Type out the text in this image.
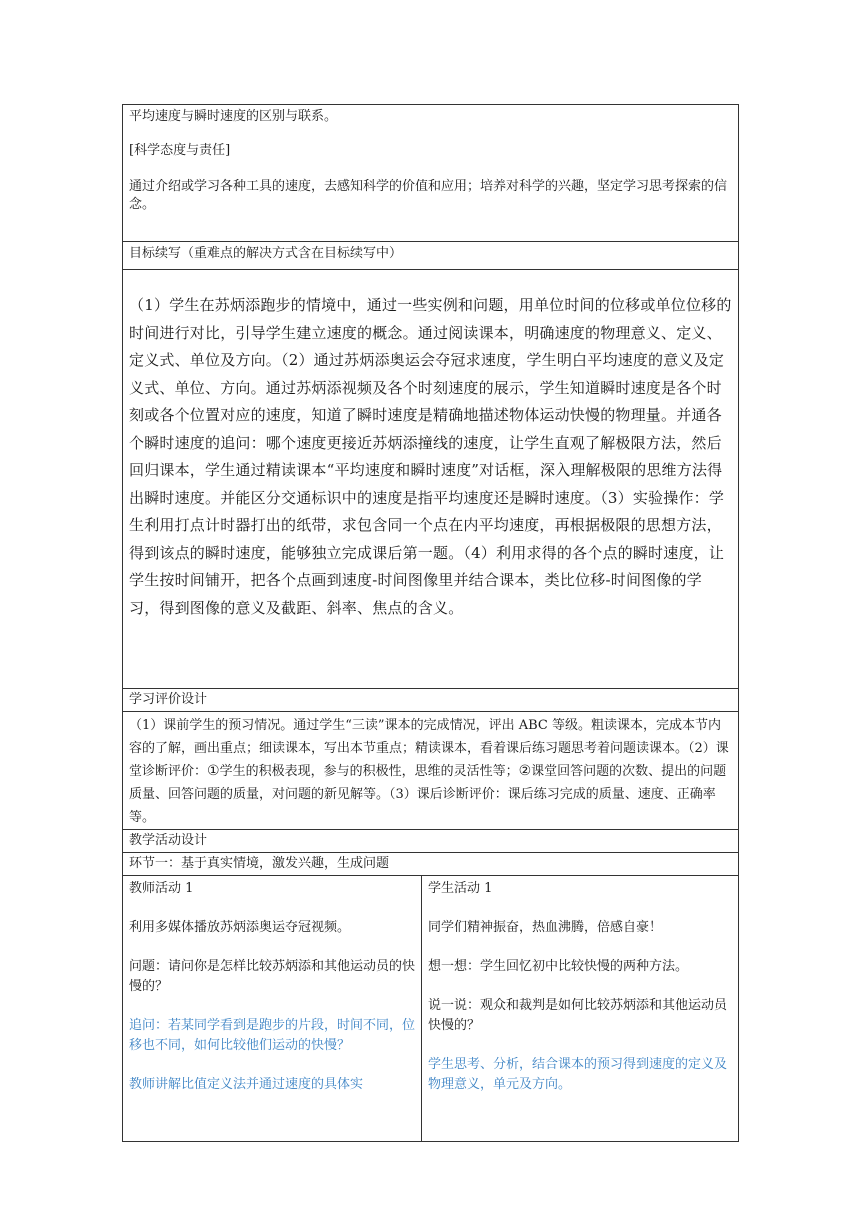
平均速度与瞬时速度的区别与联系。

[科学态度与责任]

通过介绍或学习各种工具的速度，去感知科学的价值和应用；培养对科学的兴趣，坚定学习思考探索的信念。

目标续写（重难点的解决方式含在目标续写中）

（1）学生在苏炳添跑步的情境中，通过一些实例和问题，用单位时间的位移或单位位移的时间进行对比，引导学生建立速度的概念。通过阅读课本，明确速度的物理意义、定义、定义式、单位及方向。（2）通过苏炳添奥运会夺冠求速度，学生明白平均速度的意义及定义式、单位、方向。通过苏炳添视频及各个时刻速度的展示，学生知道瞬时速度是各个时刻或各个位置对应的速度，知道了瞬时速度是精确地描述物体运动快慢的物理量。并通各个瞬时速度的追问：哪个速度更接近苏炳添撞线的速度，让学生直观了解极限方法，然后回归课本，学生通过精读课本“平均速度和瞬时速度”对话框，深入理解极限的思维方法得出瞬时速度。并能区分交通标识中的速度是指平均速度还是瞬时速度。（3）实验操作：学生利用打点计时器打出的纸带，求包含同一个点在内平均速度，再根据极限的思想方法，得到该点的瞬时速度，能够独立完成课后第一题。（4）利用求得的各个点的瞬时速度，让学生按时间铺开，把各个点画到速度-时间图像里并结合课本，类比位移-时间图像的学习，得到图像的意义及截距、斜率、焦点的含义。

学习评价设计

（1）课前学生的预习情况。通过学生“三读”课本的完成情况，评出 ABC 等级。粗读课本，完成本节内容的了解，画出重点；细读课本，写出本节重点；精读课本，看着课后练习题思考着问题读课本。（2）课堂诊断评价：①学生的积极表现，参与的积极性，思维的灵活性等；②课堂回答问题的次数、提出的问题质量、回答问题的质量，对问题的新见解等。（3）课后诊断评价：课后练习完成的质量、速度、正确率等。

教学活动设计
环节一：基于真实情境，激发兴趣，生成问题

教师活动 1

利用多媒体播放苏炳添奥运夺冠视频。

问题：请问你是怎样比较苏炳添和其他运动员的快慢的？

追问：若某同学看到是跑步的片段，时间不同，位移也不同，如何比较他们运动的快慢？

教师讲解比值定义法并通过速度的具体实

学生活动 1

同学们精神振奋，热血沸腾，倍感自豪！

想一想：学生回忆初中比较快慢的两种方法。

说一说：观众和裁判是如何比较苏炳添和其他运动员快慢的？

学生思考、分析，结合课本的预习得到速度的定义及物理意义，单元及方向。
